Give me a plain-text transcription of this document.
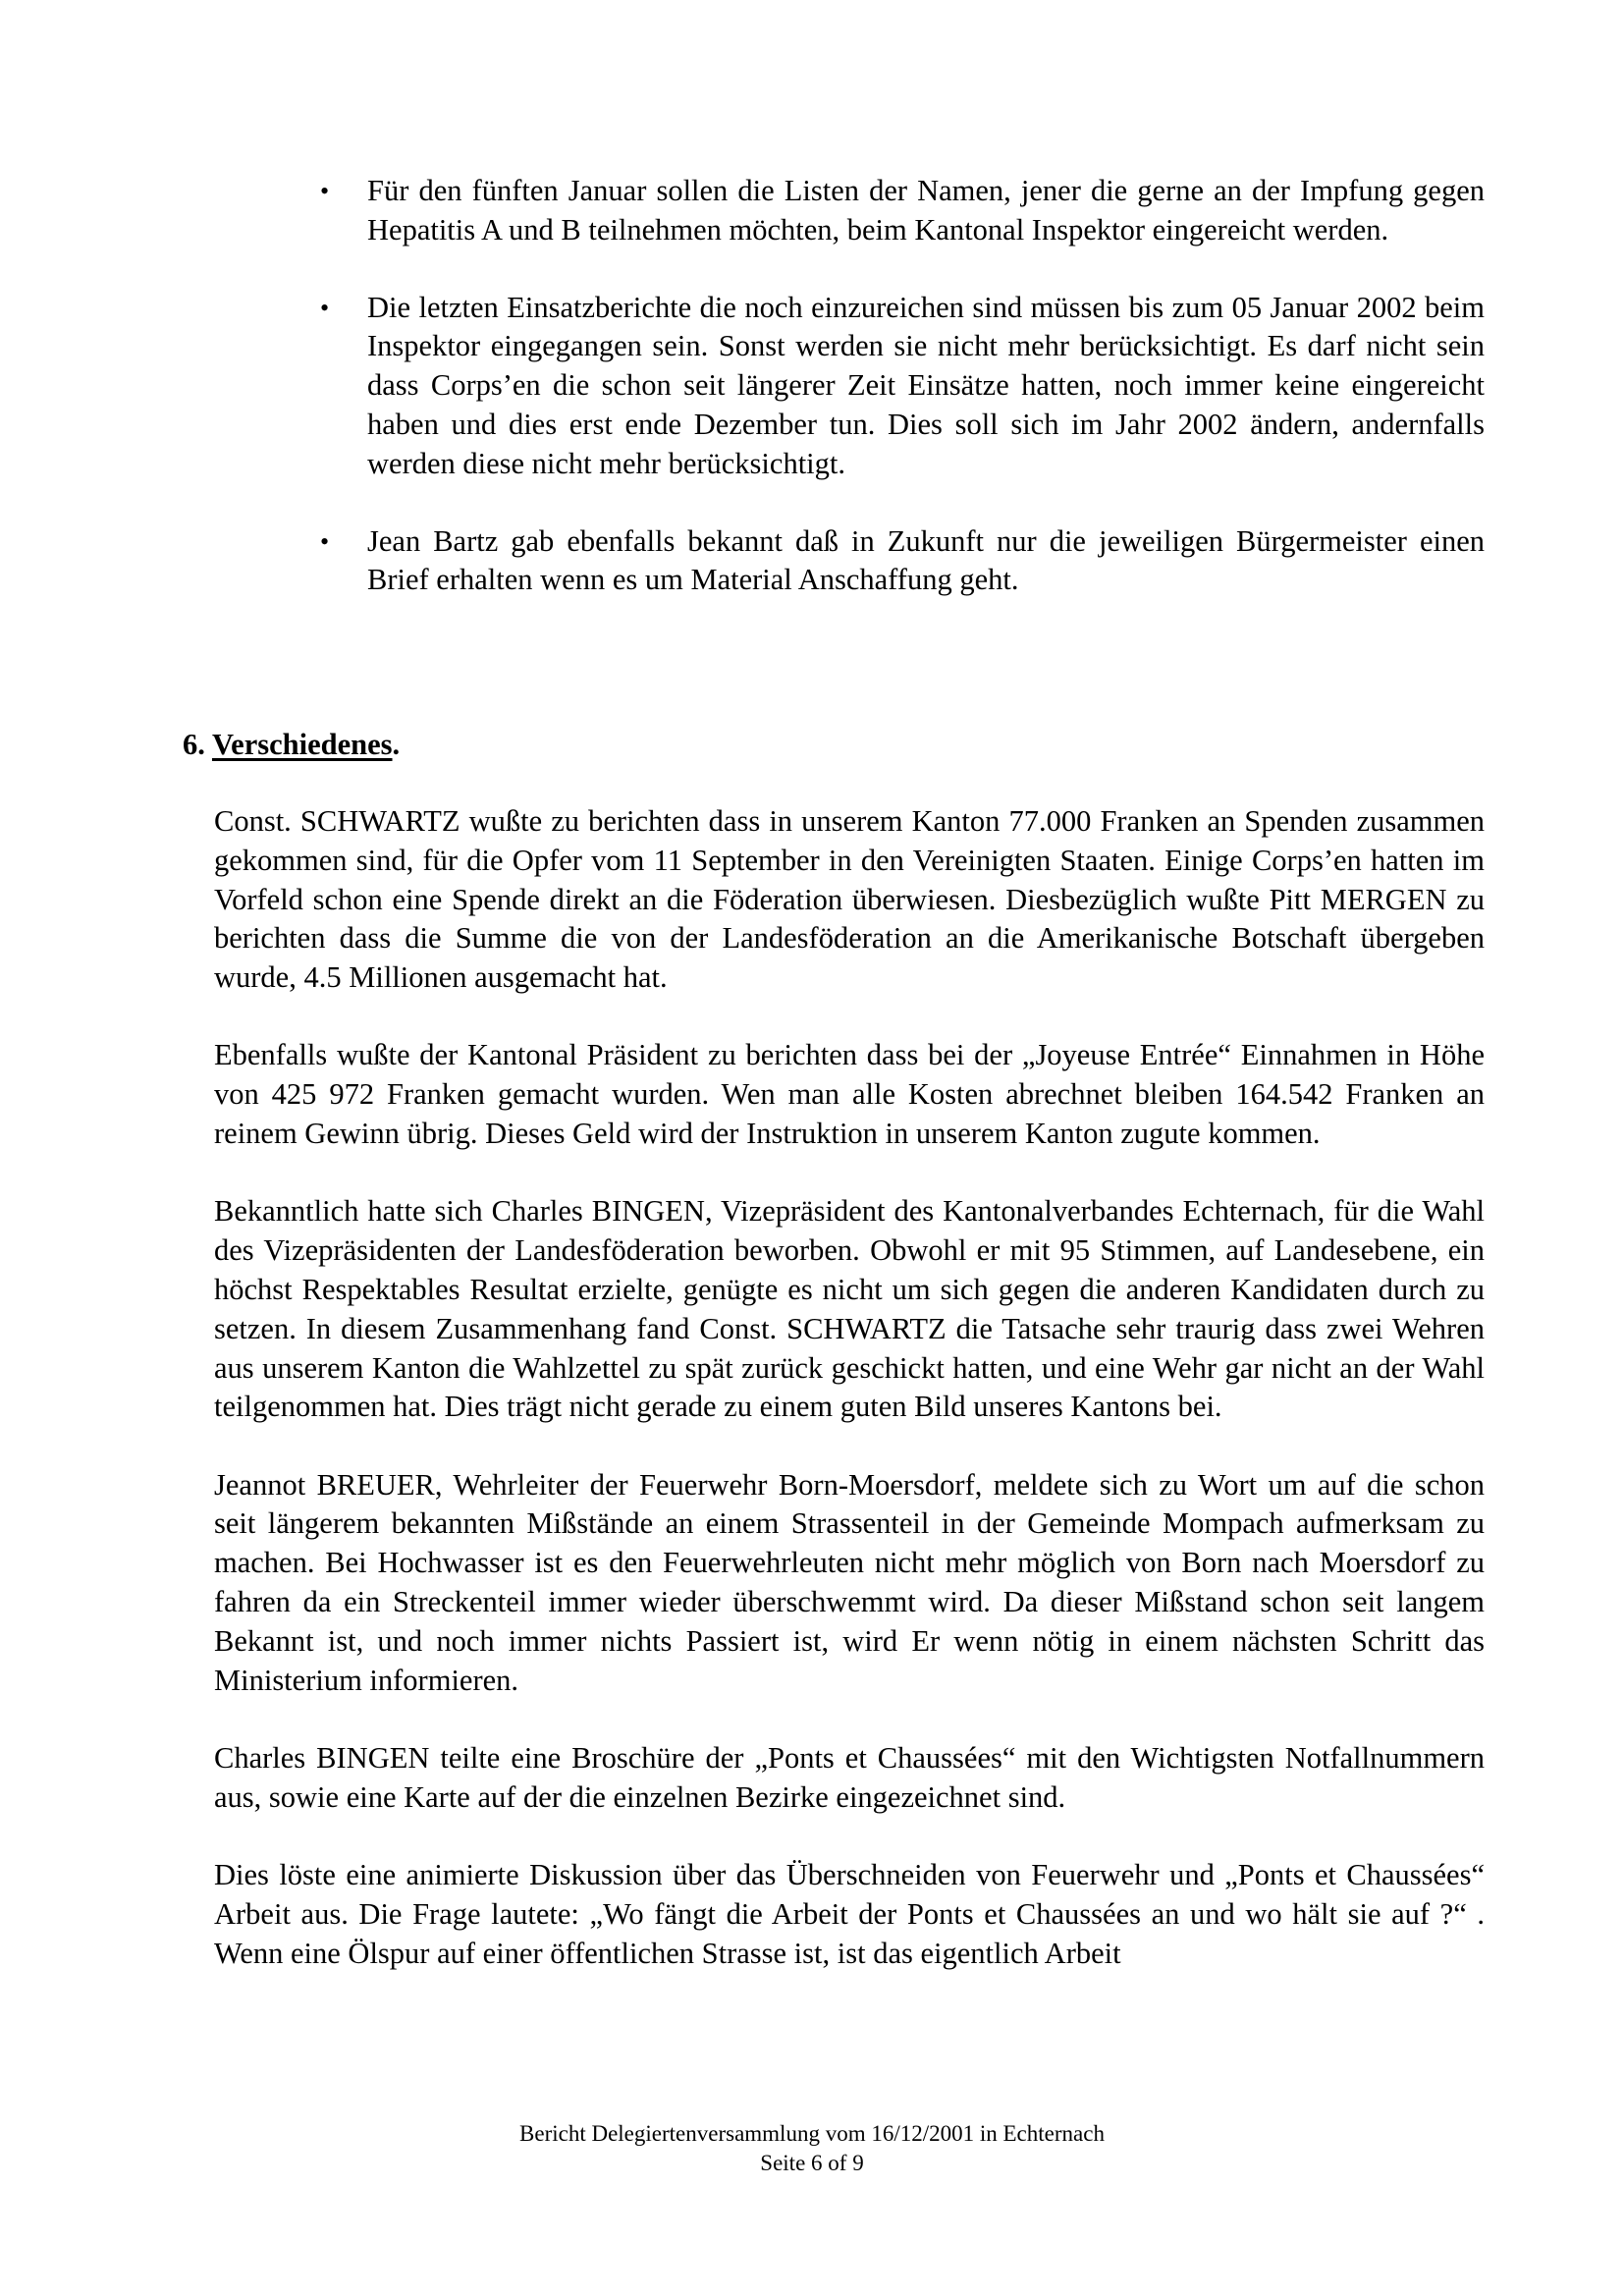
• Für den fünften Januar sollen die Listen der Namen, jener die gerne an der Impfung gegen Hepatitis A und B teilnehmen möchten, beim Kantonal Inspektor eingereicht werden.
• Die letzten Einsatzberichte die noch einzureichen sind müssen bis zum 05 Januar 2002 beim Inspektor eingegangen sein. Sonst werden sie nicht mehr berücksichtigt. Es darf nicht sein dass Corps’en die schon seit längerer Zeit Einsätze hatten, noch immer keine eingereicht haben und dies erst ende Dezember tun. Dies soll sich im Jahr 2002 ändern, andernfalls werden diese nicht mehr berücksichtigt.
• Jean Bartz gab ebenfalls bekannt daß in Zukunft nur die jeweiligen Bürgermeister einen Brief erhalten wenn es um Material Anschaffung geht.
6. Verschiedenes.

Const. SCHWARTZ wußte zu berichten dass in unserem Kanton 77.000 Franken an Spenden zusammen gekommen sind, für die Opfer vom 11 September in den Vereinigten Staaten. Einige Corps’en hatten im Vorfeld schon eine Spende direkt an die Föderation überwiesen. Diesbezüglich wußte Pitt MERGEN zu berichten dass die Summe die von der Landesföderation an die Amerikanische Botschaft übergeben wurde, 4.5 Millionen ausgemacht hat.

Ebenfalls wußte der Kantonal Präsident zu berichten dass bei der „Joyeuse Entrée“ Einnahmen in Höhe von 425 972 Franken gemacht wurden. Wen man alle Kosten abrechnet bleiben 164.542 Franken an reinem Gewinn übrig. Dieses Geld wird der Instruktion in unserem Kanton zugute kommen.

Bekanntlich hatte sich Charles BINGEN, Vizepräsident des Kantonalverbandes Echternach, für die Wahl des Vizepräsidenten der Landesföderation beworben. Obwohl er mit 95 Stimmen, auf Landesebene, ein höchst Respektables Resultat erzielte, genügte es nicht um sich gegen die anderen Kandidaten durch zu setzen. In diesem Zusammenhang fand Const. SCHWARTZ die Tatsache sehr traurig dass zwei Wehren aus unserem Kanton die Wahlzettel zu spät zurück geschickt hatten, und eine Wehr gar nicht an der Wahl teilgenommen hat. Dies trägt nicht gerade zu einem guten Bild unseres Kantons bei.

Jeannot BREUER, Wehrleiter der Feuerwehr Born-Moersdorf, meldete sich zu Wort um auf die schon seit längerem bekannten Mißstände an einem Strassenteil in der Gemeinde Mompach aufmerksam zu machen. Bei Hochwasser ist es den Feuerwehrleuten nicht mehr möglich von Born nach Moersdorf zu fahren da ein Streckenteil immer wieder überschwemmt wird. Da dieser Mißstand schon seit langem Bekannt ist, und noch immer nichts Passiert ist, wird Er wenn nötig in einem nächsten Schritt das Ministerium informieren.

Charles BINGEN teilte eine Broschüre der „Ponts et Chaussées“ mit den Wichtigsten Notfallnummern aus, sowie eine Karte auf der die einzelnen Bezirke eingezeichnet sind.

Dies löste eine animierte Diskussion über das Überschneiden von Feuerwehr und „Ponts et Chaussées“ Arbeit aus. Die Frage lautete: „Wo fängt die Arbeit der Ponts et Chaussées an und wo hält sie auf ?“ . Wenn eine Ölspur auf einer öffentlichen Strasse ist, ist das eigentlich Arbeit

Bericht Delegiertenversammlung vom 16/12/2001 in Echternach
Seite 6 of 9
